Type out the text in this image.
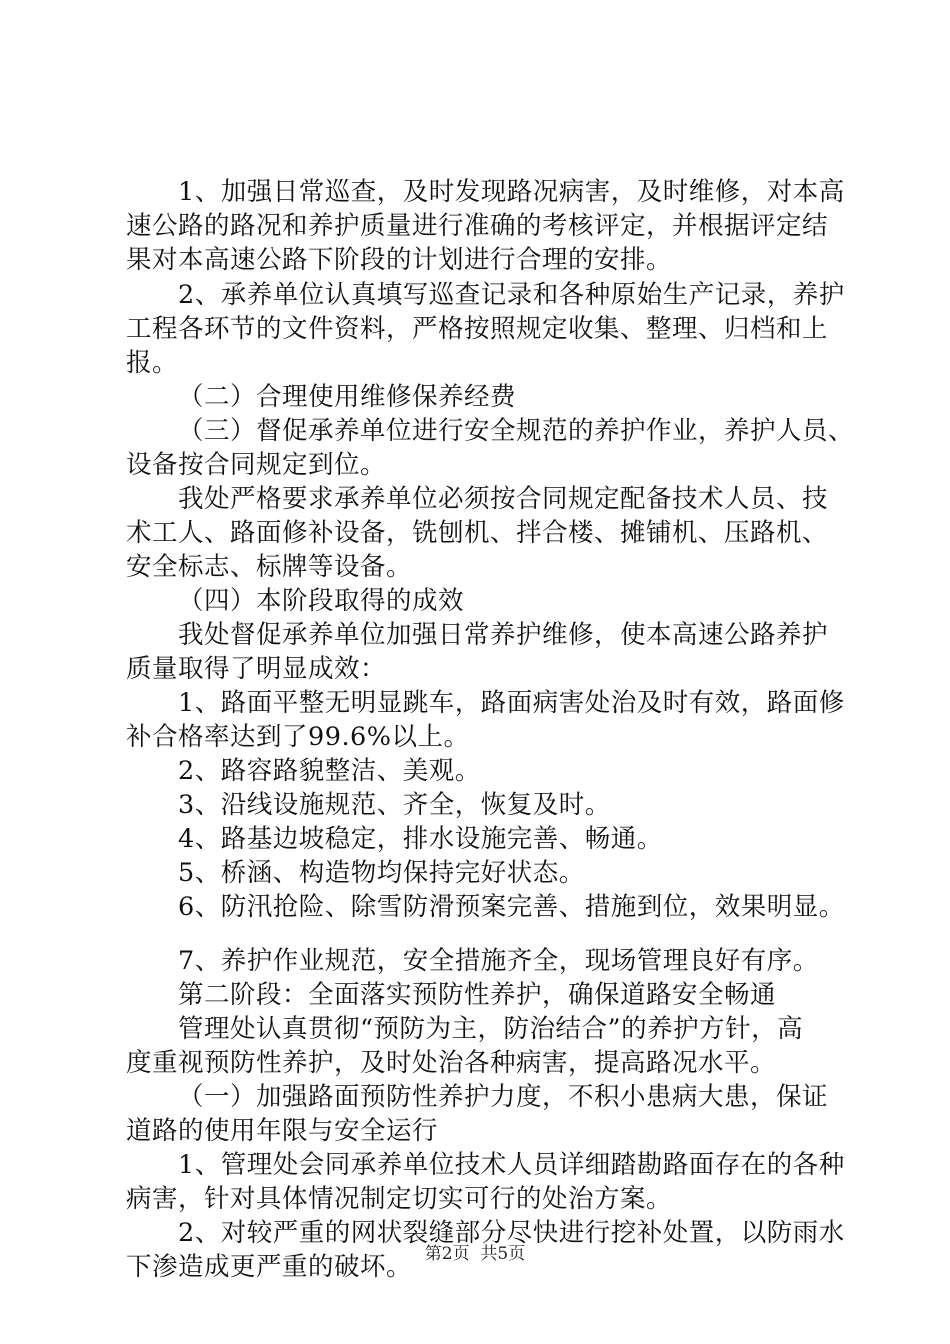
1、加强日常巡查，及时发现路况病害，及时维修，对本高
速公路的路况和养护质量进行准确的考核评定，并根据评定结
果对本高速公路下阶段的计划进行合理的安排。
2、承养单位认真填写巡查记录和各种原始生产记录，养护
工程各环节的文件资料，严格按照规定收集、整理、归档和上
报。
（二）合理使用维修保养经费
（三）督促承养单位进行安全规范的养护作业，养护人员、
设备按合同规定到位。
我处严格要求承养单位必须按合同规定配备技术人员、技
术工人、路面修补设备，铣刨机、拌合楼、摊铺机、压路机、
安全标志、标牌等设备。
（四）本阶段取得的成效
我处督促承养单位加强日常养护维修，使本高速公路养护
质量取得了明显成效：
1、路面平整无明显跳车，路面病害处治及时有效，路面修
补合格率达到了99.6%以上。
2、路容路貌整洁、美观。
3、沿线设施规范、齐全，恢复及时。
4、路基边坡稳定，排水设施完善、畅通。
5、桥涵、构造物均保持完好状态。
6、防汛抢险、除雪防滑预案完善、措施到位，效果明显。
7、养护作业规范，安全措施齐全，现场管理良好有序。
第二阶段：全面落实预防性养护，确保道路安全畅通
管理处认真贯彻“预防为主，防治结合”的养护方针，高
度重视预防性养护，及时处治各种病害，提高路况水平。
（一）加强路面预防性养护力度，不积小患病大患，保证
道路的使用年限与安全运行
1、管理处会同承养单位技术人员详细踏勘路面存在的各种
病害，针对具体情况制定切实可行的处治方案。
2、对较严重的网状裂缝部分尽快进行挖补处置，以防雨水
下渗造成更严重的破坏。 第2页  共5页
